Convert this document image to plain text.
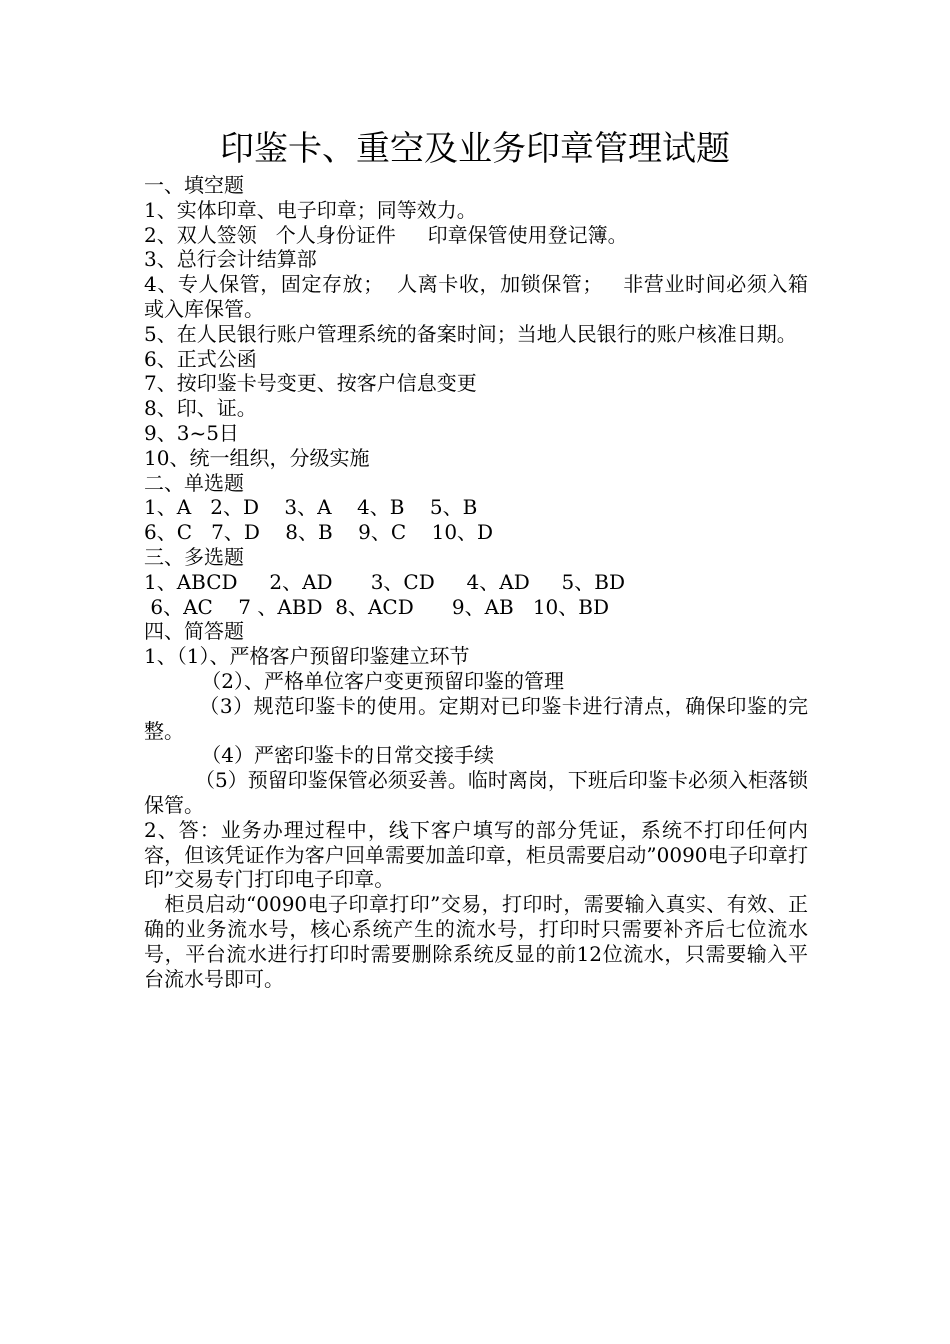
印鉴卡、重空及业务印章管理试题
一、填空题
1、实体印章、电子印章；同等效力。
2、双人签领   个人身份证件     印章保管使用登记簿。
3、总行会计结算部
4、专人保管，固定存放；  人离卡收，加锁保管；   非营业时间必须入箱或入库保管。
5、在人民银行账户管理系统的备案时间；当地人民银行的账户核准日期。
6、正式公函
7、按印鉴卡号变更、按客户信息变更
8、印、证。
9、3~5日
10、统一组织，分级实施
二、单选题
1、A   2、D    3、A    4、B    5、B
6、C   7、D    8、B    9、C    10、D
三、多选题
1、ABCD     2、AD      3、CD     4、AD     5、BD
6、AC    7 、ABD  8、ACD      9、AB   10、BD
四、简答题
1、（1）、严格客户预留印鉴建立环节
（2）、严格单位客户变更预留印鉴的管理
（3）规范印鉴卡的使用。定期对已印鉴卡进行清点，确保印鉴的完整。
（4）严密印鉴卡的日常交接手续
（5）预留印鉴保管必须妥善。临时离岗，下班后印鉴卡必须入柜落锁保管。
2、答：业务办理过程中，线下客户填写的部分凭证，系统不打印任何内容，但该凭证作为客户回单需要加盖印章，柜员需要启动”0090电子印章打印”交易专门打印电子印章。
柜员启动“0090电子印章打印”交易，打印时，需要输入真实、有效、正确的业务流水号，核心系统产生的流水号，打印时只需要补齐后七位流水号，平台流水进行打印时需要删除系统反显的前12位流水，只需要输入平台流水号即可。
